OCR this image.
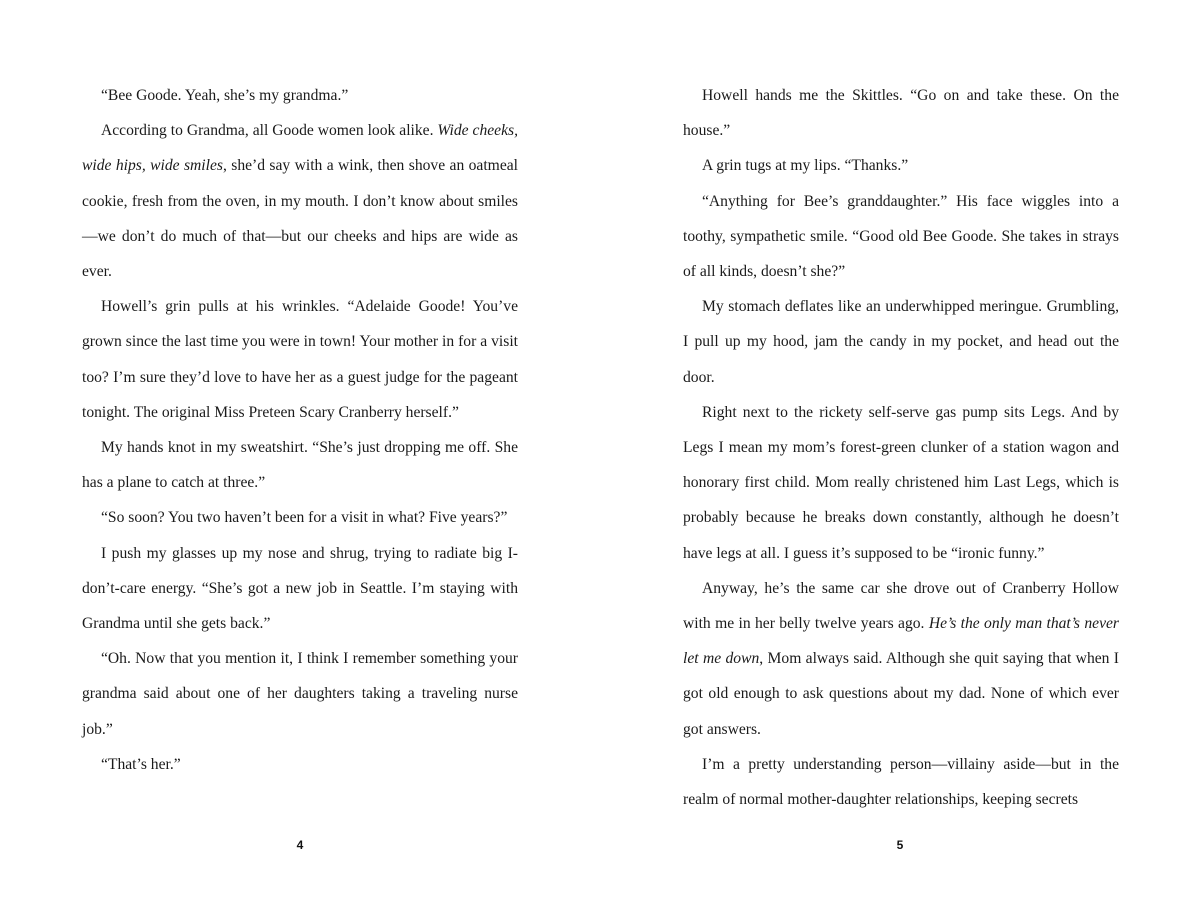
“Bee Goode. Yeah, she’s my grandma.”

According to Grandma, all Goode women look alike. Wide cheeks, wide hips, wide smiles, she’d say with a wink, then shove an oatmeal cookie, fresh from the oven, in my mouth. I don’t know about smiles—we don’t do much of that—but our cheeks and hips are wide as ever.

Howell’s grin pulls at his wrinkles. “Adelaide Goode! You’ve grown since the last time you were in town! Your mother in for a visit too? I’m sure they’d love to have her as a guest judge for the pageant tonight. The original Miss Preteen Scary Cranberry herself.”

My hands knot in my sweatshirt. “She’s just dropping me off. She has a plane to catch at three.”

“So soon? You two haven’t been for a visit in what? Five years?”

I push my glasses up my nose and shrug, trying to radiate big I-don’t-care energy. “She’s got a new job in Seattle. I’m staying with Grandma until she gets back.”

“Oh. Now that you mention it, I think I remember something your grandma said about one of her daughters taking a traveling nurse job.”

“That’s her.”

4

Howell hands me the Skittles. “Go on and take these. On the house.”

A grin tugs at my lips. “Thanks.”

“Anything for Bee’s granddaughter.” His face wiggles into a toothy, sympathetic smile. “Good old Bee Goode. She takes in strays of all kinds, doesn’t she?”

My stomach deflates like an underwhipped meringue. Grumbling, I pull up my hood, jam the candy in my pocket, and head out the door.

Right next to the rickety self-serve gas pump sits Legs. And by Legs I mean my mom’s forest-green clunker of a station wagon and honorary first child. Mom really christened him Last Legs, which is probably because he breaks down constantly, although he doesn’t have legs at all. I guess it’s supposed to be “ironic funny.”

Anyway, he’s the same car she drove out of Cranberry Hollow with me in her belly twelve years ago. He’s the only man that’s never let me down, Mom always said. Although she quit saying that when I got old enough to ask questions about my dad. None of which ever got answers.

I’m a pretty understanding person—villainy aside—but in the realm of normal mother-daughter relationships, keeping secrets

5
